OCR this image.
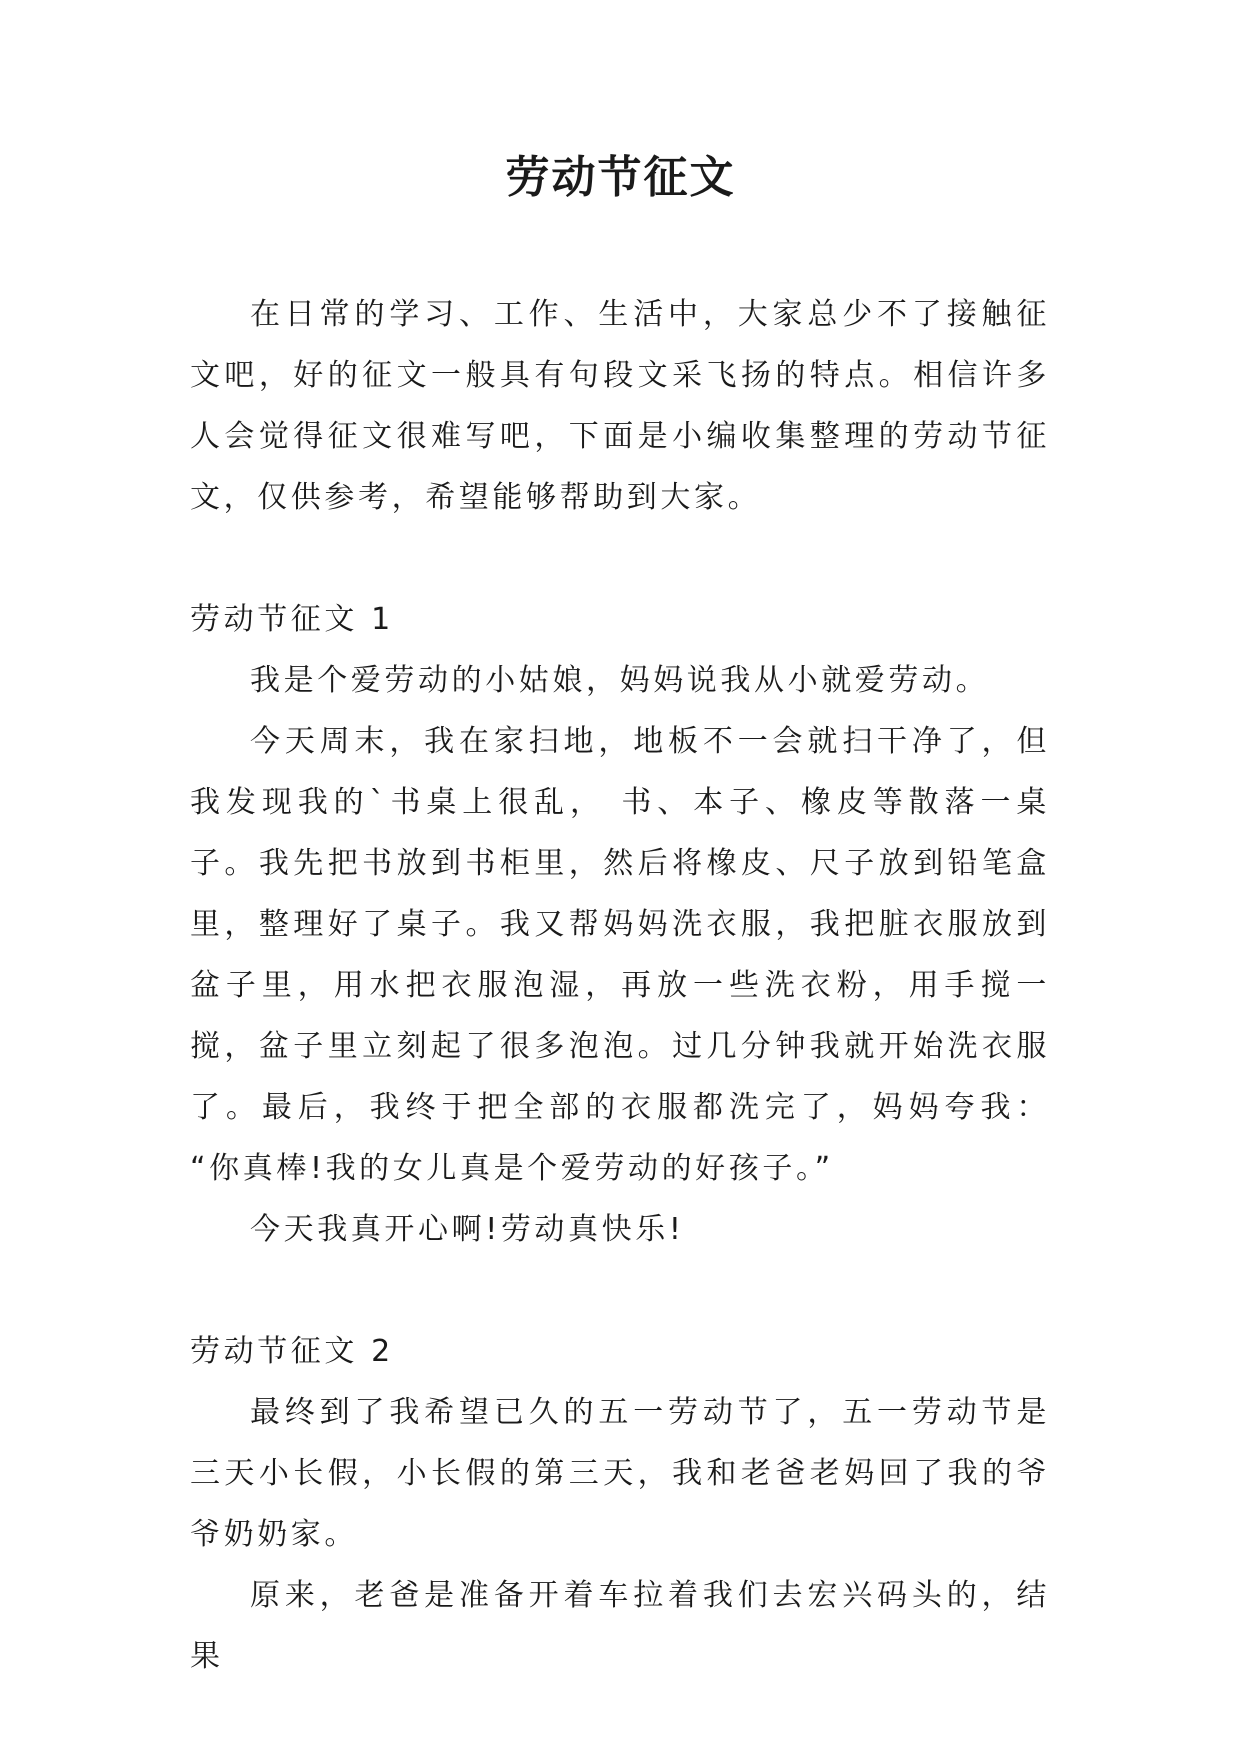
劳动节征文

在日常的学习、工作、生活中，大家总少不了接触征文吧，好的征文一般具有句段文采飞扬的特点。相信许多人会觉得征文很难写吧，下面是小编收集整理的劳动节征文，仅供参考，希望能够帮助到大家。

劳动节征文 1

我是个爱劳动的小姑娘，妈妈说我从小就爱劳动。

今天周末，我在家扫地，地板不一会就扫干净了，但我发现我的`书桌上很乱， 书、本子、橡皮等散落一桌子。我先把书放到书柜里，然后将橡皮、尺子放到铅笔盒里，整理好了桌子。我又帮妈妈洗衣服，我把脏衣服放到盆子里，用水把衣服泡湿，再放一些洗衣粉，用手搅一搅，盆子里立刻起了很多泡泡。过几分钟我就开始洗衣服了。最后，我终于把全部的衣服都洗完了，妈妈夸我： “你真棒!我的女儿真是个爱劳动的好孩子。”

今天我真开心啊!劳动真快乐!

劳动节征文 2

最终到了我希望已久的五一劳动节了，五一劳动节是三天小长假，小长假的第三天，我和老爸老妈回了我的爷爷奶奶家。

原来，老爸是准备开着车拉着我们去宏兴码头的，结果
